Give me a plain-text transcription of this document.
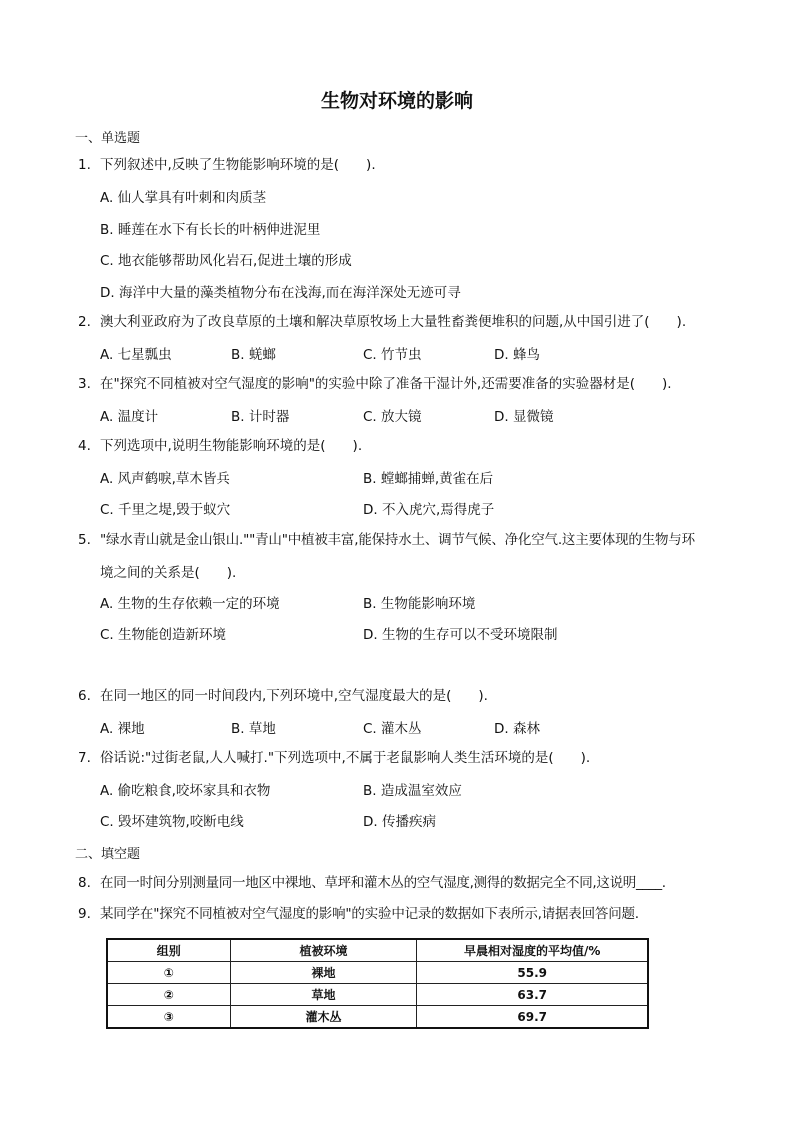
生物对环境的影响
一、单选题
1. 下列叙述中,反映了生物能影响环境的是(　　).
A. 仙人掌具有叶刺和肉质茎
B. 睡莲在水下有长长的叶柄伸进泥里
C. 地衣能够帮助风化岩石,促进土壤的形成
D. 海洋中大量的藻类植物分布在浅海,而在海洋深处无迹可寻
2. 澳大利亚政府为了改良草原的土壤和解决草原牧场上大量牲畜粪便堆积的问题,从中国引进了(　　).
A. 七星瓢虫	B. 蜣螂	C. 竹节虫	D. 蜂鸟
3. 在"探究不同植被对空气湿度的影响"的实验中除了准备干湿计外,还需要准备的实验器材是(　　).
A. 温度计	B. 计时器	C. 放大镜	D. 显微镜
4. 下列选项中,说明生物能影响环境的是(　　).
A. 风声鹤唳,草木皆兵	B. 螳螂捕蝉,黄雀在后
C. 千里之堤,毁于蚁穴	D. 不入虎穴,焉得虎子
5. "绿水青山就是金山银山.""青山"中植被丰富,能保持水土、调节气候、净化空气.这主要体现的生物与环
境之间的关系是(　　).
A. 生物的生存依赖一定的环境	B. 生物能影响环境
C. 生物能创造新环境	D. 生物的生存可以不受环境限制
6. 在同一地区的同一时间段内,下列环境中,空气湿度最大的是(　　).
A. 裸地	B. 草地	C. 灌木丛	D. 森林
7. 俗话说:"过街老鼠,人人喊打."下列选项中,不属于老鼠影响人类生活环境的是(　　).
A. 偷吃粮食,咬坏家具和衣物	B. 造成温室效应
C. 毁坏建筑物,咬断电线	D. 传播疾病
二、填空题
8. 在同一时间分别测量同一地区中裸地、草坪和灌木丛的空气湿度,测得的数据完全不同,这说明____.
9. 某同学在"探究不同植被对空气湿度的影响"的实验中记录的数据如下表所示,请据表回答问题.
组别	植被环境	早晨相对湿度的平均值/%
①	裸地	55.9
②	草地	63.7
③	灌木丛	69.7
